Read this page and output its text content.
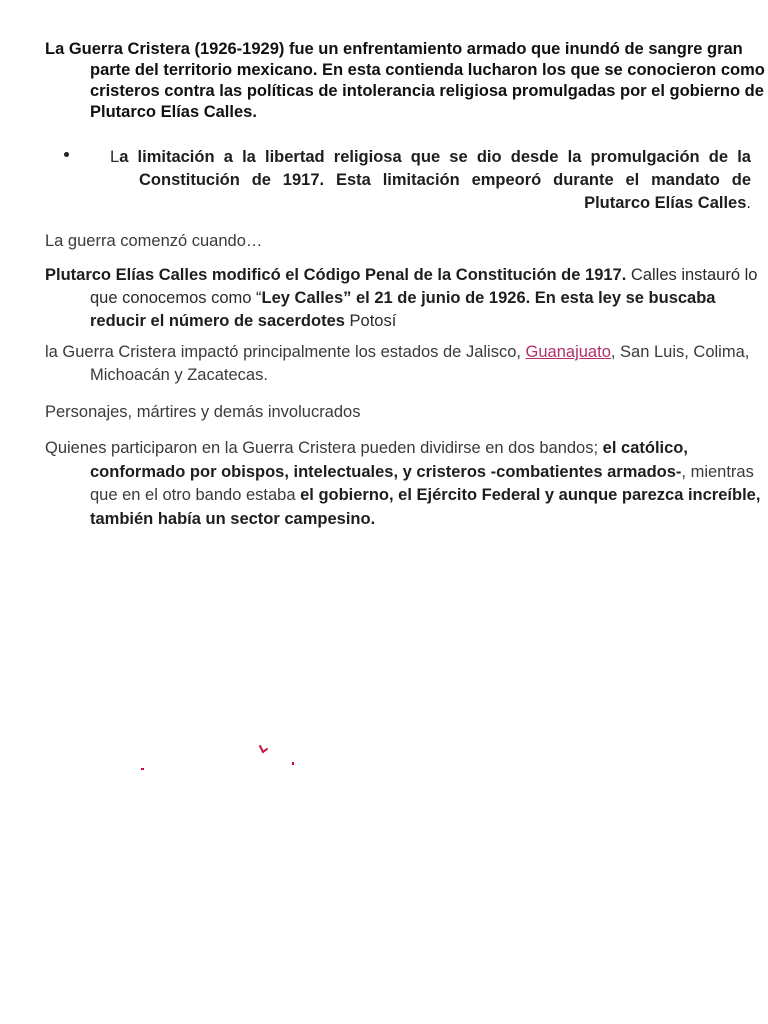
La Guerra Cristera (1926-1929) fue un enfrentamiento armado que inundó de sangre gran parte del territorio mexicano. En esta contienda lucharon los que se conocieron como cristeros contra las políticas de intolerancia religiosa promulgadas por el gobierno de Plutarco Elías Calles.

La limitación a la libertad religiosa que se dio desde la promulgación de la Constitución de 1917. Esta limitación empeoró durante el mandato de Plutarco Elías Calles.

La guerra comenzó cuando…

Plutarco Elías Calles modificó el Código Penal de la Constitución de 1917. Calles instauró lo que conocemos como “Ley Calles” el 21 de junio de 1926. En esta ley se buscaba reducir el número de sacerdotes Potosí

la Guerra Cristera impactó principalmente los estados de Jalisco, Guanajuato, San Luis, Colima, Michoacán y Zacatecas.

Personajes, mártires y demás involucrados

Quienes participaron en la Guerra Cristera pueden dividirse en dos bandos; el católico, conformado por obispos, intelectuales, y cristeros -combatientes armados-, mientras que en el otro bando estaba el gobierno, el Ejército Federal y aunque parezca increíble, también había un sector campesino.
